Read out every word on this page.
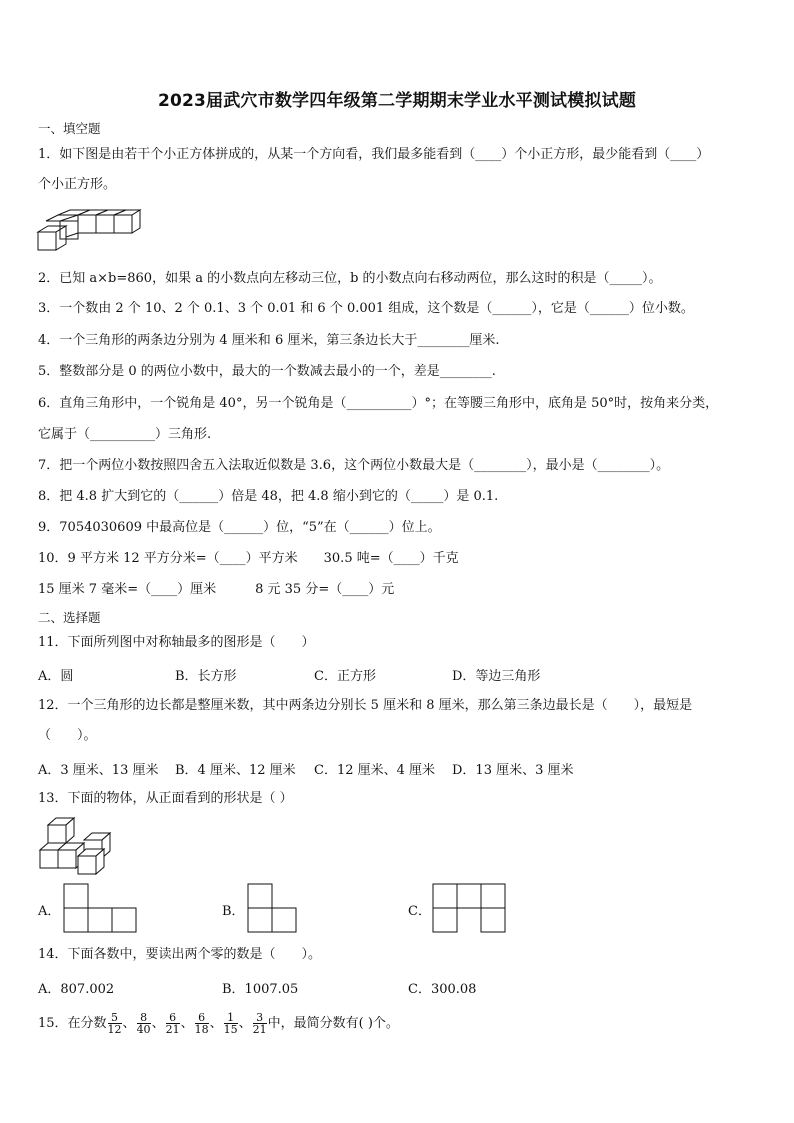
2023届武穴市数学四年级第二学期期末学业水平测试模拟试题
一、填空题
1．如下图是由若干个小正方体拼成的，从某一个方向看，我们最多能看到（____）个小正方形，最少能看到（____）
个小正方形。
2．已知 a×b=860，如果 a 的小数点向左移动三位，b 的小数点向右移动两位，那么这时的积是（_____）。
3．一个数由 2 个 10、2 个 0.1、3 个 0.01 和 6 个 0.001 组成，这个数是（______），它是（______）位小数。
4．一个三角形的两条边分别为 4 厘米和 6 厘米，第三条边长大于________厘米.
5．整数部分是 0 的两位小数中，最大的一个数减去最小的一个，差是________.
6．直角三角形中，一个锐角是 40°，另一个锐角是（__________）°；在等腰三角形中，底角是 50°时，按角来分类，
它属于（__________）三角形.
7．把一个两位小数按照四舍五入法取近似数是 3.6，这个两位小数最大是（________），最小是（________）。
8．把 4.8 扩大到它的（______）倍是 48，把 4.8 缩小到它的（_____）是 0.1.
9．7054030609 中最高位是（______）位，“5”在（______）位上。
10．9 平方米 12 平方分米=（____）平方米　　30.5 吨=（____）千克
15 厘米 7 毫米=（____）厘米　　　8 元 35 分=（____）元
二、选择题
11．下面所列图中对称轴最多的图形是（　　）
A．圆	B．长方形	C．正方形	D．等边三角形
12．一个三角形的边长都是整厘米数，其中两条边分别长 5 厘米和 8 厘米，那么第三条边最长是（　　），最短是
（　　）。
A．3 厘米、13 厘米 B．4 厘米、12 厘米 C．12 厘米、4 厘米 D．13 厘米、3 厘米
13．下面的物体，从正面看到的形状是（ ）
A．	B．	C．
14．下面各数中，要读出两个零的数是（　　）。
A．807.002	B．1007.05	C．300.08
15．在分数 $\frac{5}{12}$ 、 $\frac{8}{40}$ 、 $\frac{6}{21}$ 、 $\frac{6}{18}$ 、 $\frac{1}{15}$ 、 $\frac{3}{21}$ 中，最简分数有( )个。
